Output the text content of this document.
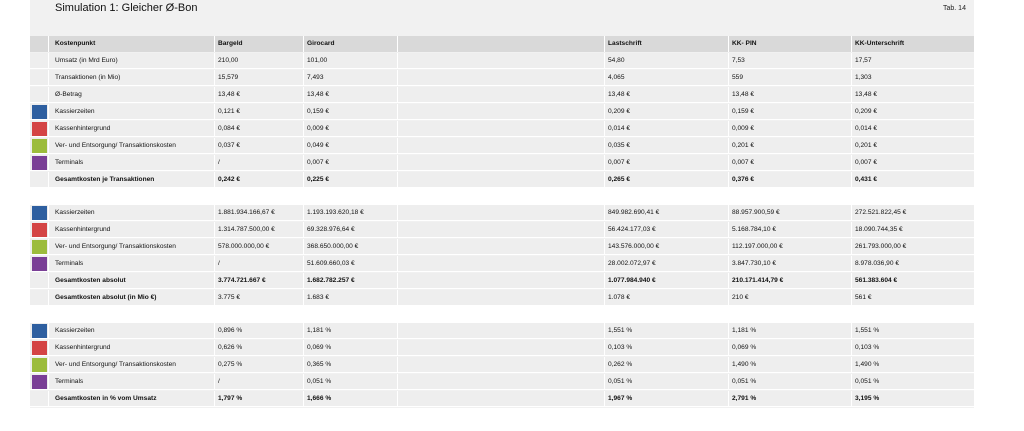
Simulation 1: Gleicher Ø-Bon	Tab. 14
Kostenpunkt	Bargeld	Girocard	Lastschrift	KK- PIN	KK-Unterschrift
Umsatz (in Mrd Euro)	210,00	101,00	54,80	7,53	17,57
Transaktionen (in Mio)	15,579	7,493	4,065	559	1,303
Ø-Betrag	13,48 €	13,48 €	13,48 €	13,48 €	13,48 €
Kassierzeiten	0,121 €	0,159 €	0,209 €	0,159 €	0,209 €
Kassenhintergrund	0,084 €	0,009 €	0,014 €	0,009 €	0,014 €
Ver- und Entsorgung/ Transaktionskosten	0,037 €	0,049 €	0,035 €	0,201 €	0,201 €
Terminals	/	0,007 €	0,007 €	0,007 €	0,007 €
Gesamtkosten je Transaktionen	0,242 €	0,225 €	0,265 €	0,376 €	0,431 €
Kassierzeiten	1.881.934.166,67 €	1.193.193.620,18 €	849.982.690,41 €	88.957.900,59 €	272.521.822,45 €
Kassenhintergrund	1.314.787.500,00 €	69.328.976,64 €	56.424.177,03 €	5.168.784,10 €	18.090.744,35 €
Ver- und Entsorgung/ Transaktionskosten	578.000.000,00 €	368.650.000,00 €	143.576.000,00 €	112.197.000,00 €	261.793.000,00 €
Terminals	/	51.609.660,03 €	28.002.072,97 €	3.847.730,10 €	8.978.036,90 €
Gesamtkosten absolut	3.774.721.667 €	1.682.782.257 €	1.077.984.940 €	210.171.414,79 €	561.383.604 €
Gesamtkosten absolut (in Mio €)	3.775 €	1.683 €	1.078 €	210 €	561 €
Kassierzeiten	0,896 %	1,181 %	1,551 %	1,181 %	1,551 %
Kassenhintergrund	0,626 %	0,069 %	0,103 %	0,069 %	0,103 %
Ver- und Entsorgung/ Transaktionskosten	0,275 %	0,365 %	0,262 %	1,490 %	1,490 %
Terminals	/	0,051 %	0,051 %	0,051 %	0,051 %
Gesamtkosten in % vom Umsatz	1,797 %	1,666 %	1,967 %	2,791 %	3,195 %
